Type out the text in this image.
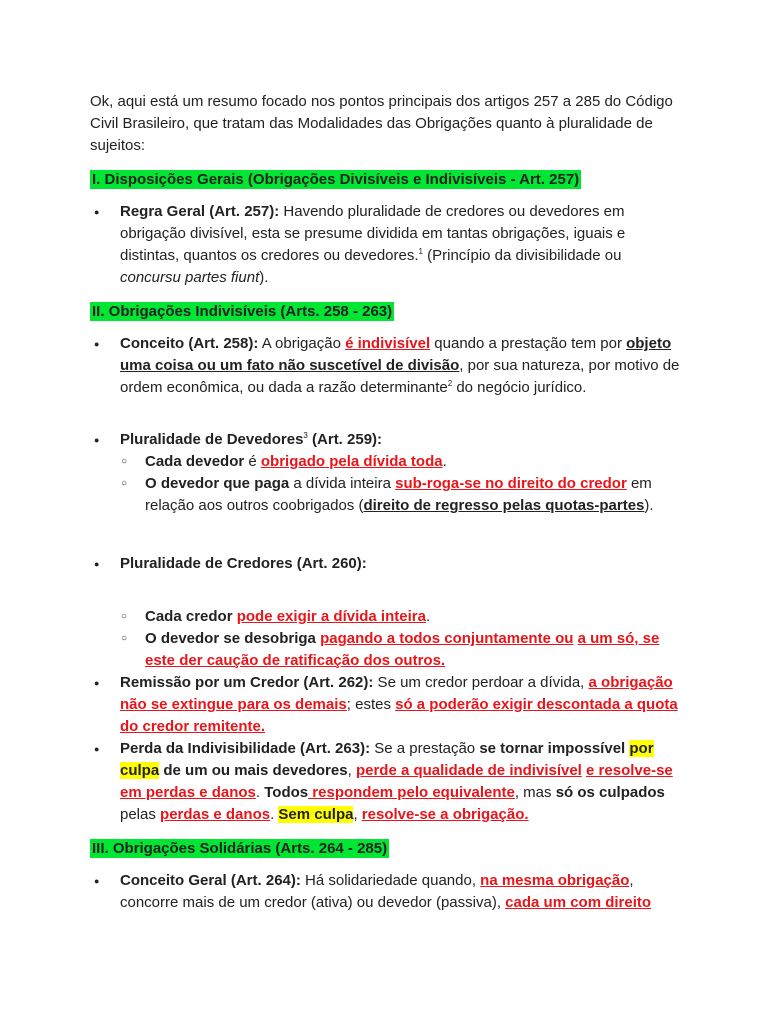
Ok, aqui está um resumo focado nos pontos principais dos artigos 257 a 285 do Código Civil Brasileiro, que tratam das Modalidades das Obrigações quanto à pluralidade de sujeitos:

I. Disposições Gerais (Obrigações Divisíveis e Indivisíveis - Art. 257)

● Regra Geral (Art. 257): Havendo pluralidade de credores ou devedores em obrigação divisível, esta se presume dividida em tantas obrigações, iguais e distintas, quantos os credores ou devedores.$^1$ (Princípio da divisibilidade ou concursu partes fiunt).

II. Obrigações Indivisíveis (Arts. 258 - 263)

● Conceito (Art. 258): A obrigação é indivisível quando a prestação tem por objeto uma coisa ou um fato não suscetível de divisão, por sua natureza, por motivo de ordem econômica, ou dada a razão determinante$^2$ do negócio jurídico.
● Pluralidade de Devedores$^3$ (Art. 259):
○ Cada devedor é obrigado pela dívida toda.
○ O devedor que paga a dívida inteira sub-roga-se no direito do credor em relação aos outros coobrigados (direito de regresso pelas quotas-partes).
● Pluralidade de Credores (Art. 260):
○ Cada credor pode exigir a dívida inteira.
○ O devedor se desobriga pagando a todos conjuntamente ou a um só, se este der caução de ratificação dos outros.
● Remissão por um Credor (Art. 262): Se um credor perdoar a dívida, a obrigação não se extingue para os demais; estes só a poderão exigir descontada a quota do credor remitente.
● Perda da Indivisibilidade (Art. 263): Se a prestação se tornar impossível por culpa de um ou mais devedores, perde a qualidade de indivisível e resolve-se em perdas e danos. Todos respondem pelo equivalente, mas só os culpados pelas perdas e danos. Sem culpa, resolve-se a obrigação.

III. Obrigações Solidárias (Arts. 264 - 285)

● Conceito Geral (Art. 264): Há solidariedade quando, na mesma obrigação, concorre mais de um credor (ativa) ou devedor (passiva), cada um com direito
